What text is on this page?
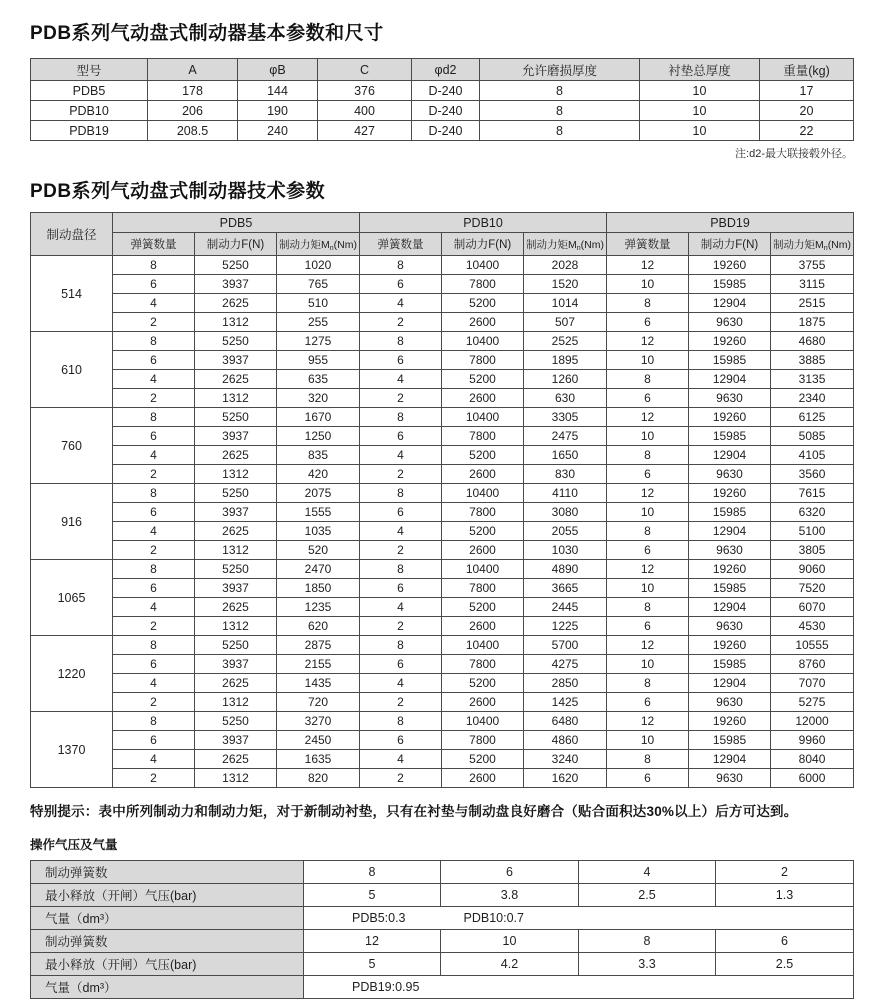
PDB系列气动盘式制动器基本参数和尺寸
型号	A	φB	C	φd2	允许磨损厚度	衬垫总厚度	重量(kg)
PDB5	178	144	376	D-240	8	10	17
PDB10	206	190	400	D-240	8	10	20
PDB19	208.5	240	427	D-240	8	10	22
注:d2-最大联接毂外径。
PDB系列气动盘式制动器技术参数
制动盘径	PDB5			PDB10			PBD19		
	弹簧数量	制动力F(N)	制动力矩$M_n(Nm)$	弹簧数量	制动力F(N)	制动力矩$M_n(Nm)$	弹簧数量	制动力F(N)	制动力矩$M_n(Nm)$
514	8	5250	1020	8	10400	2028	12	19260	3755
	6	3937	765	6	7800	1520	10	15985	3115
	4	2625	510	4	5200	1014	8	12904	2515
	2	1312	255	2	2600	507	6	9630	1875
610	8	5250	1275	8	10400	2525	12	19260	4680
	6	3937	955	6	7800	1895	10	15985	3885
	4	2625	635	4	5200	1260	8	12904	3135
	2	1312	320	2	2600	630	6	9630	2340
760	8	5250	1670	8	10400	3305	12	19260	6125
	6	3937	1250	6	7800	2475	10	15985	5085
	4	2625	835	4	5200	1650	8	12904	4105
	2	1312	420	2	2600	830	6	9630	3560
916	8	5250	2075	8	10400	4110	12	19260	7615
	6	3937	1555	6	7800	3080	10	15985	6320
	4	2625	1035	4	5200	2055	8	12904	5100
	2	1312	520	2	2600	1030	6	9630	3805
1065	8	5250	2470	8	10400	4890	12	19260	9060
	6	3937	1850	6	7800	3665	10	15985	7520
	4	2625	1235	4	5200	2445	8	12904	6070
	2	1312	620	2	2600	1225	6	9630	4530
1220	8	5250	2875	8	10400	5700	12	19260	10555
	6	3937	2155	6	7800	4275	10	15985	8760
	4	2625	1435	4	5200	2850	8	12904	7070
	2	1312	720	2	2600	1425	6	9630	5275
1370	8	5250	3270	8	10400	6480	12	19260	12000
	6	3937	2450	6	7800	4860	10	15985	9960
	4	2625	1635	4	5200	3240	8	12904	8040
	2	1312	820	2	2600	1620	6	9630	6000

特别提示：表中所列制动力和制动力矩，对于新制动衬垫，只有在衬垫与制动盘良好磨合（贴合面积达30%以上）后方可达到。

操作气压及气量
制动弹簧数	8	6	4	2
最小释放（开闸）气压(bar)	5	3.8	2.5	1.3
气量（dm³）	PDB5:0.3 PDB10:0.7			

制动弹簧数	12	10	8	6
最小释放（开闸）气压(bar)	5	4.2	3.3	2.5
气量（dm³）	PDB19:0.95			
